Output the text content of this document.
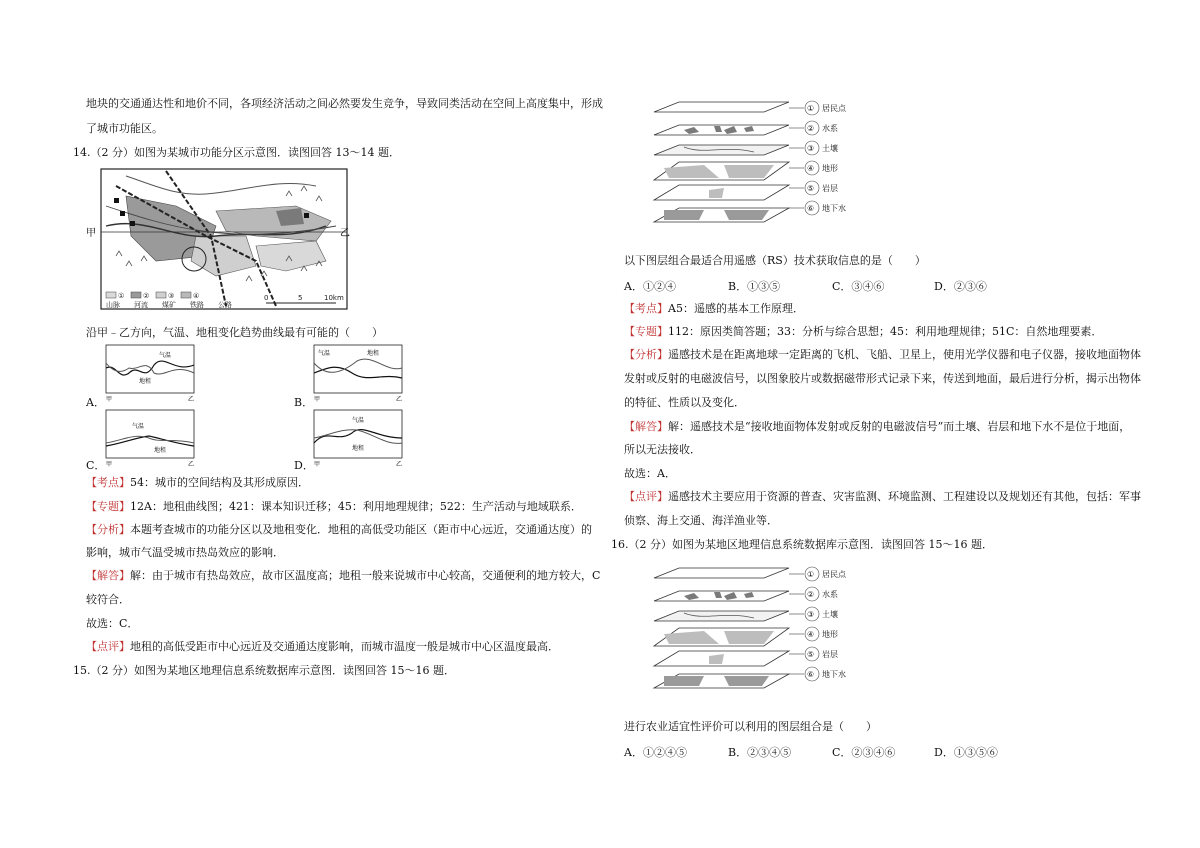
地块的交通通达性和地价不同，各项经济活动之间必然要发生竞争，导致同类活动在空间上高度集中，形成
了城市功能区。
14.（2 分）如图为某城市功能分区示意图．读图回答 13～14 题．
甲	乙
①	②	③	④
山脉 河流 煤矿 铁路 公路
0	5	10km
沿甲﹣乙方向，气温、地租变化趋势曲线最有可能的（　　）
A．
气温
地租
甲	乙	B．
气温	地租
甲	乙
C．
气温
地租
甲	乙	D．
气温
地租
甲	乙
【考点】54：城市的空间结构及其形成原因．
【专题】12A：地租曲线图；421：课本知识迁移；45：利用地理规律；522：生产活动与地域联系．
【分析】本题考查城市的功能分区以及地租变化．地租的高低受功能区（距市中心远近，交通通达度）的
影响，城市气温受城市热岛效应的影响．
【解答】解：由于城市有热岛效应，故市区温度高；地租一般来说城市中心较高，交通便利的地方较大，C
较符合．
故选：C．
【点评】地租的高低受距市中心远近及交通通达度影响，而城市温度一般是城市中心区温度最高．
15.（2 分）如图为某地区地理信息系统数据库示意图．读图回答 15～16 题．
①
②
③
④
⑤
⑥
居民点
水系
土壤
地形
岩层
地下水
以下图层组合最适合用遥感（RS）技术获取信息的是（　　）
A．①②④	B．①③⑤	C．③④⑥	D．②③⑥
【考点】A5：遥感的基本工作原理．
【专题】112：原因类简答题；33：分析与综合思想；45：利用地理规律；51C：自然地理要素．
【分析】遥感技术是在距离地球一定距离的飞机、飞船、卫星上，使用光学仪器和电子仪器，接收地面物体
发射或反射的电磁波信号，以图象胶片或数据磁带形式记录下来，传送到地面，最后进行分析，揭示出物体
的特征、性质以及变化．
【解答】解：遥感技术是“接收地面物体发射或反射的电磁波信号”而土壤、岩层和地下水不是位于地面，
所以无法接收．
故选：A．
【点评】遥感技术主要应用于资源的普查、灾害监测、环境监测、工程建设以及规划还有其他，包括：军事
侦察、海上交通、海洋渔业等．
16.（2 分）如图为某地区地理信息系统数据库示意图．读图回答 15～16 题．
①
②
③
④
⑤
⑥
居民点
水系
土壤
地形
岩层
地下水
进行农业适宜性评价可以利用的图层组合是（　　）
A．①②④⑤	B．②③④⑤	C．②③④⑥	D．①③⑤⑥
